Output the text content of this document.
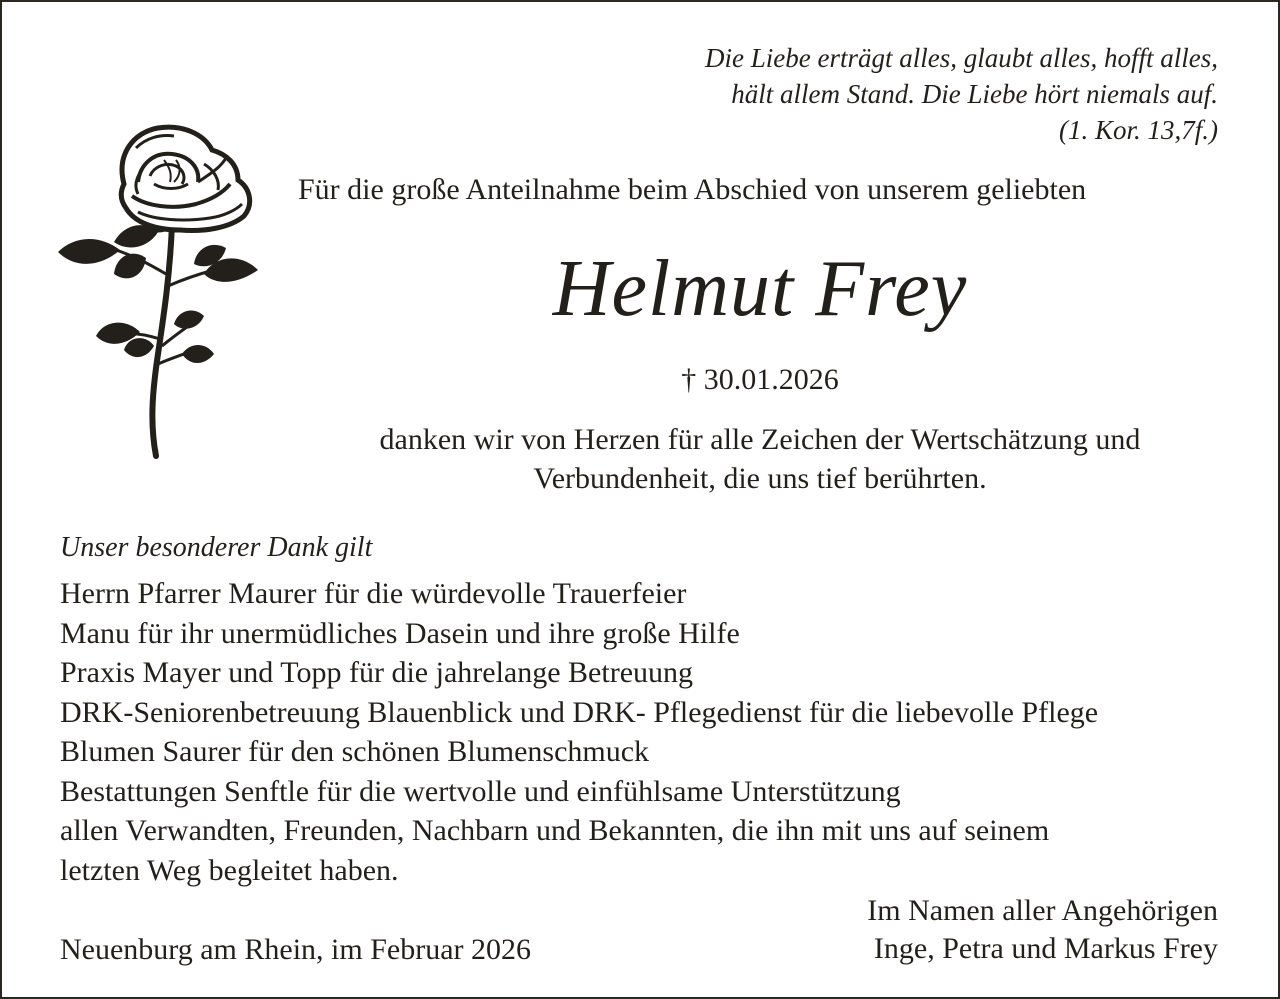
Die Liebe erträgt alles, glaubt alles, hofft alles,
hält allem Stand. Die Liebe hört niemals auf.
(1. Kor. 13,7f.)
Für die große Anteilnahme beim Abschied von unserem geliebten
Helmut Frey
† 30.01.2026
danken wir von Herzen für alle Zeichen der Wertschätzung und
Verbundenheit, die uns tief berührten.
Unser besonderer Dank gilt
Herrn Pfarrer Maurer für die würdevolle Trauerfeier
Manu für ihr unermüdliches Dasein und ihre große Hilfe
Praxis Mayer und Topp für die jahrelange Betreuung
DRK-Seniorenbetreuung Blauenblick und DRK- Pflegedienst für die liebevolle Pflege
Blumen Saurer für den schönen Blumenschmuck
Bestattungen Senftle für die wertvolle und einfühlsame Unterstützung
allen Verwandten, Freunden, Nachbarn und Bekannten, die ihn mit uns auf seinem
letzten Weg begleitet haben.
Neuenburg am Rhein, im Februar 2026
Im Namen aller Angehörigen
Inge, Petra und Markus Frey
